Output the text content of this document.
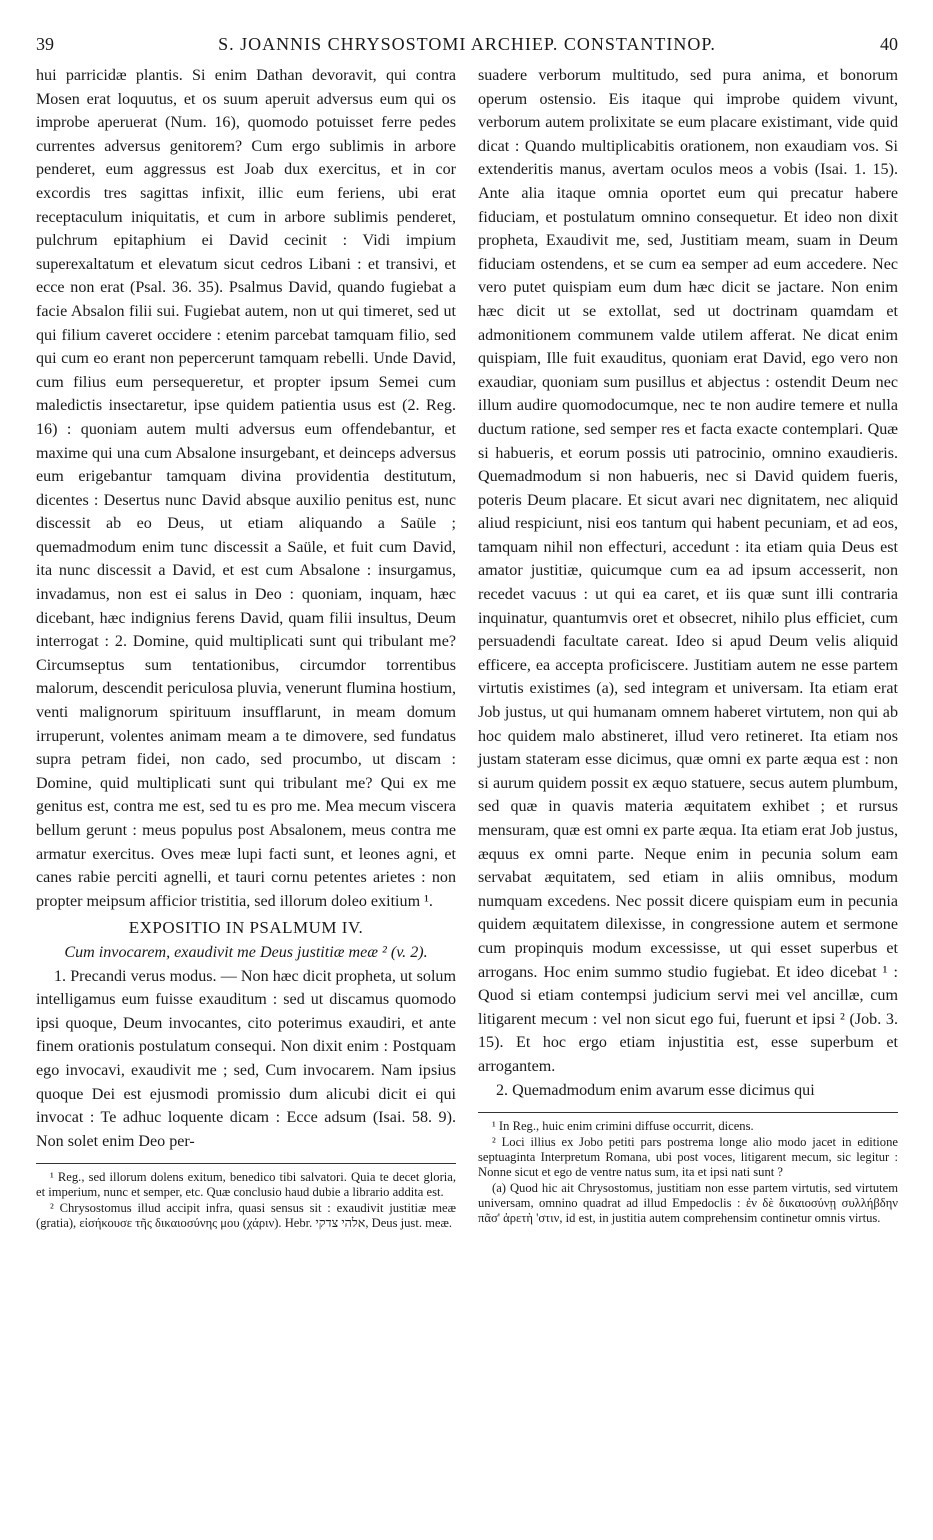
39	S. JOANNIS CHRYSOSTOMI ARCHIEP. CONSTANTINOP.	40

hui parricidæ plantis. Si enim Dathan devoravit, qui contra Mosen erat loquutus, et os suum aperuit adversus eum qui os improbe aperuerat (Num. 16), quomodo potuisset ferre pedes currentes adversus genitorem? Cum ergo sublimis in arbore penderet, eum aggressus est Joab dux exercitus, et in cor excordis tres sagittas infixit, illic eum feriens, ubi erat receptaculum iniquitatis, et cum in arbore sublimis penderet, pulchrum epitaphium ei David cecinit : Vidi impium superexaltatum et elevatum sicut cedros Libani : et transivi, et ecce non erat (Psal. 36. 35). Psalmus David, quando fugiebat a facie Absalon filii sui. Fugiebat autem, non ut qui timeret, sed ut qui filium caveret occidere : etenim parcebat tamquam filio, sed qui cum eo erant non pepercerunt tamquam rebelli. Unde David, cum filius eum persequeretur, et propter ipsum Semei cum maledictis insectaretur, ipse quidem patientia usus est (2. Reg. 16) : quoniam autem multi adversus eum offendebantur, et maxime qui una cum Absalone insurgebant, et deinceps adversus eum erigebantur tamquam divina providentia destitutum, dicentes : Desertus nunc David absque auxilio penitus est, nunc discessit ab eo Deus, ut etiam aliquando a Saüle ; quemadmodum enim tunc discessit a Saüle, et fuit cum David, ita nunc discessit a David, et est cum Absalone : insurgamus, invadamus, non est ei salus in Deo : quoniam, inquam, hæc dicebant, hæc indignius ferens David, quam filii insultus, Deum interrogat : 2. Domine, quid multiplicati sunt qui tribulant me? Circumseptus sum tentationibus, circumdor torrentibus malorum, descendit periculosa pluvia, venerunt flumina hostium, venti malignorum spirituum insufflarunt, in meam domum irruperunt, volentes animam meam a te dimovere, sed fundatus supra petram fidei, non cado, sed procumbo, ut discam : Domine, quid multiplicati sunt qui tribulant me? Qui ex me genitus est, contra me est, sed tu es pro me. Mea mecum viscera bellum gerunt : meus populus post Absalonem, meus contra me armatur exercitus. Oves meæ lupi facti sunt, et leones agni, et canes rabie perciti agnelli, et tauri cornu petentes arietes : non propter meipsum afficior tristitia, sed illorum doleo exitium ¹.

EXPOSITIO IN PSALMUM IV.

Cum invocarem, exaudivit me Deus justitiæ meæ ² (v. 2).

1. Precandi verus modus. — Non hæc dicit propheta, ut solum intelligamus eum fuisse exauditum : sed ut discamus quomodo ipsi quoque, Deum invocantes, cito poterimus exaudiri, et ante finem orationis postulatum consequi. Non dixit enim : Postquam ego invocavi, exaudivit me ; sed, Cum invocarem. Nam ipsius quoque Dei est ejusmodi promissio dum alicubi dicit ei qui invocat : Te adhuc loquente dicam : Ecce adsum (Isai. 58. 9). Non solet enim Deo per-

¹ Reg., sed illorum dolens exitum, benedico tibi salvatori. Quia te decet gloria, et imperium, nunc et semper, etc. Quæ conclusio haud dubie a librario addita est.

² Chrysostomus illud accipit infra, quasi sensus sit : exaudivit justitiæ meæ (gratia), εἰσήκουσε τῆς δικαιοσύνης μου (χάριν). Hebr. אלהי צדקי, Deus just. meæ.

suadere verborum multitudo, sed pura anima, et bonorum operum ostensio. Eis itaque qui improbe quidem vivunt, verborum autem prolixitate se eum placare existimant, vide quid dicat : Quando multiplicabitis orationem, non exaudiam vos. Si extenderitis manus, avertam oculos meos a vobis (Isai. 1. 15). Ante alia itaque omnia oportet eum qui precatur habere fiduciam, et postulatum omnino consequetur. Et ideo non dixit propheta, Exaudivit me, sed, Justitiam meam, suam in Deum fiduciam ostendens, et se cum ea semper ad eum accedere. Nec vero putet quispiam eum dum hæc dicit se jactare. Non enim hæc dicit ut se extollat, sed ut doctrinam quamdam et admonitionem communem valde utilem afferat. Ne dicat enim quispiam, Ille fuit exauditus, quoniam erat David, ego vero non exaudiar, quoniam sum pusillus et abjectus : ostendit Deum nec illum audire quomodocumque, nec te non audire temere et nulla ductum ratione, sed semper res et facta exacte contemplari. Quæ si habueris, et eorum possis uti patrocinio, omnino exaudieris. Quemadmodum si non habueris, nec si David quidem fueris, poteris Deum placare. Et sicut avari nec dignitatem, nec aliquid aliud respiciunt, nisi eos tantum qui habent pecuniam, et ad eos, tamquam nihil non effecturi, accedunt : ita etiam quia Deus est amator justitiæ, quicumque cum ea ad ipsum accesserit, non recedet vacuus : ut qui ea caret, et iis quæ sunt illi contraria inquinatur, quantumvis oret et obsecret, nihilo plus efficiet, cum persuadendi facultate careat. Ideo si apud Deum velis aliquid efficere, ea accepta proficiscere. Justitiam autem ne esse partem virtutis existimes (a), sed integram et universam. Ita etiam erat Job justus, ut qui humanam omnem haberet virtutem, non qui ab hoc quidem malo abstineret, illud vero retineret. Ita etiam nos justam stateram esse dicimus, quæ omni ex parte æqua est : non si aurum quidem possit ex æquo statuere, secus autem plumbum, sed quæ in quavis materia æquitatem exhibet ; et rursus mensuram, quæ est omni ex parte æqua. Ita etiam erat Job justus, æquus ex omni parte. Neque enim in pecunia solum eam servabat æquitatem, sed etiam in aliis omnibus, modum numquam excedens. Nec possit dicere quispiam eum in pecunia quidem æquitatem dilexisse, in congressione autem et sermone cum propinquis modum excessisse, ut qui esset superbus et arrogans. Hoc enim summo studio fugiebat. Et ideo dicebat ¹ : Quod si etiam contempsi judicium servi mei vel ancillæ, cum litigarent mecum : vel non sicut ego fui, fuerunt et ipsi ² (Job. 3. 15). Et hoc ergo etiam injustitia est, esse superbum et arrogantem.

2. Quemadmodum enim avarum esse dicimus qui

¹ In Reg., huic enim crimini diffuse occurrit, dicens.

² Loci illius ex Jobo petiti pars postrema longe alio modo jacet in editione septuaginta Interpretum Romana, ubi post voces, litigarent mecum, sic legitur : Nonne sicut et ego de ventre natus sum, ita et ipsi nati sunt ?

(a) Quod hic ait Chrysostomus, justitiam non esse partem virtutis, sed virtutem universam, omnino quadrat ad illud Empedoclis : ἐν δὲ δικαιοσύνῃ συλλήβδην πᾶσ' ἀρετὴ 'στιν, id est, in justitia autem comprehensim continetur omnis virtus.
